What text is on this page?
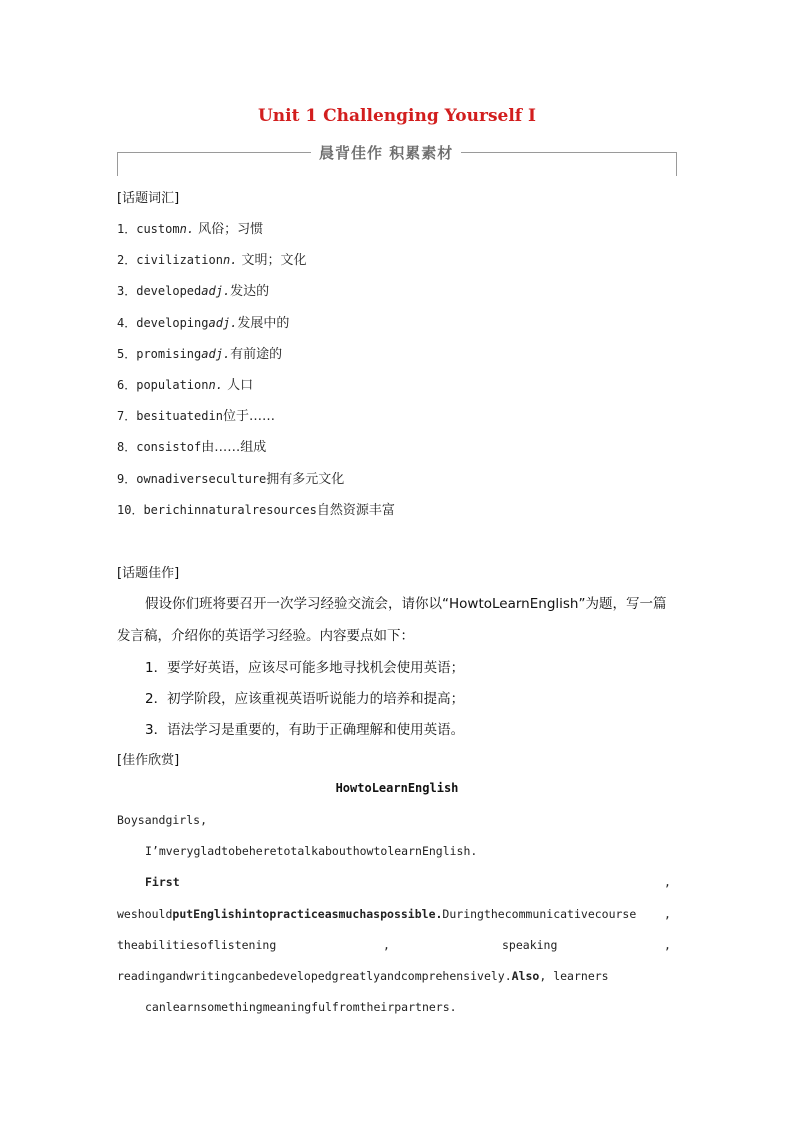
Unit 1 Challenging Yourself Ⅰ
晨背佳作 积累素材
[话题词汇]
1．customn. 风俗；习惯
2．civilizationn. 文明；文化
3．developedadj.发达的
4．developingadj.发展中的
5．promisingadj.有前途的
6．populationn. 人口
7．besituatedin位于……
8．consistof由……组成
9．ownadiverseculture拥有多元文化
10．berichinnaturalresources自然资源丰富
[话题佳作]
假设你们班将要召开一次学习经验交流会，请你以“HowtoLearnEnglish”为题，写一篇
发言稿，介绍你的英语学习经验。内容要点如下：
1．要学好英语，应该尽可能多地寻找机会使用英语；
2．初学阶段，应该重视英语听说能力的培养和提高；
3．语法学习是重要的，有助于正确理解和使用英语。
[佳作欣赏]
HowtoLearnEnglish
Boysandgirls,
I’mverygladtobeheretotalkabouthowtolearnEnglish.
First	,
weshouldputEnglishintopracticeasmuchaspossible.Duringthecommunicativecourse	,
theabilitiesoflistening	,	speaking	,
readingandwritingcanbedevelopedgreatlyandcomprehensively.Also, learners
canlearnsomethingmeaningfulfromtheirpartners.
